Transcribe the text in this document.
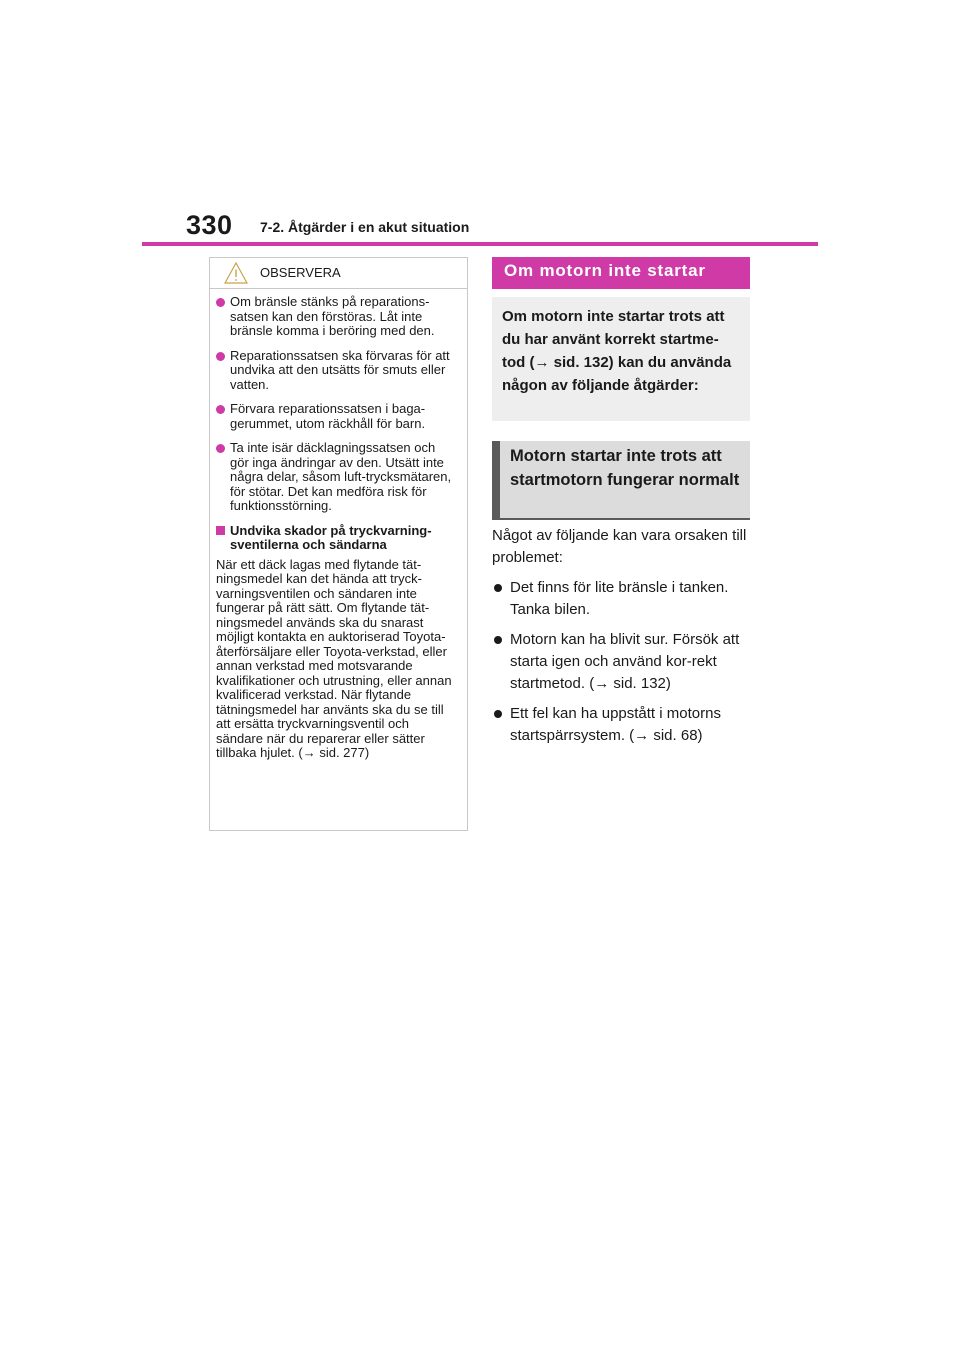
330 7-2. Åtgärder i en akut situation
OBSERVERA
Om bränsle stänks på reparations-satsen kan den förstöras. Låt inte bränsle komma i beröring med den.
Reparationssatsen ska förvaras för att undvika att den utsätts för smuts eller vatten.
Förvara reparationssatsen i baga-gerummet, utom räckhåll för barn.
Ta inte isär däcklagningssatsen och gör inga ändringar av den. Utsätt inte några delar, såsom luft-trycksmätaren, för stötar. Det kan medföra risk för funktionsstörning.
Undvika skador på tryckvarning-sventilerna och sändarna
När ett däck lagas med flytande tät-ningsmedel kan det hända att tryck-varningsventilen och sändaren inte fungerar på rätt sätt. Om flytande tät-ningsmedel används ska du snarast möjligt kontakta en auktoriserad Toyota-återförsäljare eller Toyota-verkstad, eller annan verkstad med motsvarande kvalifikationer och utrustning, eller annan kvalificerad verkstad. När flytande tätningsmedel har använts ska du se till att ersätta tryckvarningsventil och sändare när du reparerar eller sätter tillbaka hjulet. (→ sid. 277)
Om motorn inte startar
Om motorn inte startar trots att du har använt korrekt startme-tod (→ sid. 132) kan du använda någon av följande åtgärder:
Motorn startar inte trots att startmotorn fungerar normalt
Något av följande kan vara orsaken till problemet:
Det finns för lite bränsle i tanken. Tanka bilen.
Motorn kan ha blivit sur. Försök att starta igen och använd kor-rekt startmetod. (→ sid. 132)
Ett fel kan ha uppstått i motorns startspärrsystem. (→ sid. 68)
